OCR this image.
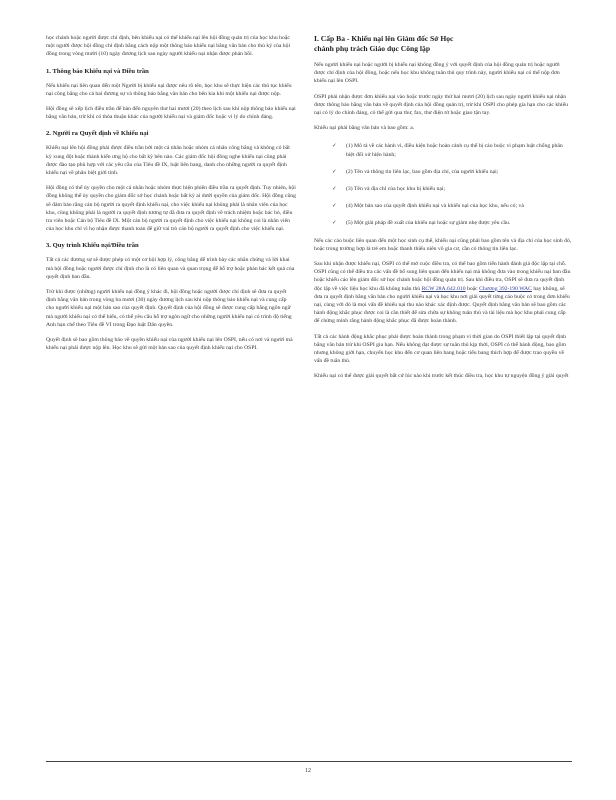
học chánh hoặc người được chỉ định, bên khiếu nại có thể khiếu nại lên hội đồng quản trị của học khu hoặc một người được hội đồng chỉ định bằng cách nộp một thông báo khiếu nại bằng văn bản cho thủ ký của hội đồng trong vòng mười (10) ngày đương lịch sau ngày người khiếu nại nhận được phán hồi.

1. Thông báo Khiếu nại và Điều trần

Nếu khiếu nại liên quan đến một Người bị khiếu nại được nêu rõ tên, học khu sẽ thực hiện các thủ tục khiếu nại công bằng cho cả hai đương sự và thông báo bằng văn bản cho bên kia khi một khiếu nại được nộp.

Hội đồng sẽ xếp lịch điều trần để bàn đến nguyên thư hai mươi (20) theo lịch sau khi nộp thông báo khiếu nại bằng văn bản, trừ khi có thỏa thuận khác của người khiếu nại và giám đốc hoặc vì lý do chính đáng.

2. Người ra Quyết định về Khiếu nại

Khiếu nại lên hội đồng phải được điều trần bởi một cá nhân hoặc nhóm cá nhân công bằng và không có bất kỳ xung đột hoặc thành kiến ưng hộ cho bất kỳ bên nào. Các giám đốc hội đồng nghe khiếu nại cũng phải được đào tạo phù hợp với các yêu cầu của Tiêu đề IX, luật liên bang, danh cho những người ra quyết định khiếu nại về phân biệt giới tính.

Hội đồng có thể ủy quyền cho một cá nhân hoặc nhóm thực hiện phiên điều trần ra quyết định. Tuy nhiên, hội đồng không thể ủy quyền cho giám đốc sở học chánh hoặc bất kỳ ai dưới quyền của giám đốc. Hội đồng cũng sẽ đảm bảo rằng cán bộ người ra quyết định khiếu nại, cho việc khiếu nại không phải là nhân viên của học khu, cũng không phải là người ra quyết định tương tự đã đưa ra quyết định về trách nhiệm hoặc bác bỏ, điều tra viên hoặc Cán bộ Tiêu đề IX. Một cán bộ người ra quyết định cho việc khiếu nại không coi là nhân viên của học khu chỉ vì họ nhận được thanh toán để giữ vai trò cán bộ người ra quyết định cho việc khiếu nại.

3. Quy trình Khiếu nại/Điều trần

Tất cả các đương sự sẽ được phép có một cơ hội hợp lý, công bằng để trình bày các nhân chứng và lời khai mà hội đồng hoặc người được chỉ định cho là có liên quan và quan trọng để hỗ trợ hoặc phản bác kết quả của quyết định ban đầu.

Trừ khi được (những) người khiếu nại đồng ý khác đi, hội đồng hoặc người được chỉ định sẽ đưa ra quyết định bằng văn bản trong vòng ba mươi (30) ngày đương lịch sau khi nộp thông báo khiếu nại và cung cấp cho người khiếu nại một bản sao của quyết định. Quyết định của hội đồng sẽ được cung cấp bằng ngôn ngữ mà người khiếu nại có thể hiểu, có thể yêu cầu hỗ trợ ngôn ngữ cho những người khiếu nại có trình độ tiếng Anh hạn chế theo Tiêu đề VI trong Đạo luật Dân quyền.

Quyết định sẽ bao gồm thông báo về quyền khiếu nại của người khiếu nại lên OSPI, nếu có nơi và người mà khiếu nại phải được nộp lên. Học khu sẽ gửi một bản sao của quyết định khiếu nại cho OSPI.

I. Cấp Ba - Khiếu nại lên Giám đốc Sở Học
chánh phụ trách Giáo dục Công lập

Nếu người khiếu nại hoặc người bị khiếu nại không đồng ý với quyết định của hội đồng quản trị hoặc người được chỉ định của hội đồng, hoặc nếu học khu không tuân thủ quy trình này, người khiếu nại có thể nộp đơn khiếu nại lên OSPI.

OSPI phải nhận được đơn khiếu nại vào hoặc trước ngày thứ hai mươi (20) lịch sau ngày người khiếu nại nhận được thông báo bằng văn bản về quyết định của hội đồng quản trị, trừ khi OSPI cho phép gia hạn cho các khiếu nại có lý do chính đáng, có thể gửi qua thư, fax, thư điện tử hoặc giao tận tay.

Khiếu nại phải bằng văn bản và bao gồm: a.

✓ (1) Mô tả về các hành vi, điều kiện hoặc hoàn cảnh cụ thể bị cáo buộc vi phạm luật chống phân biệt đối xử hiện hành;
✓ (2) Tên và thông tin liên lạc, bao gồm địa chỉ, của người khiếu nại;
✓ (3) Tên và địa chỉ của học khu bị khiếu nại;
✓ (4) Một bản sao của quyết định khiếu nại và khiếu nại của học khu, nếu có; và
✓ (5) Một giải pháp đề xuất của khiếu nại hoặc sự giảm nhẹ được yêu cầu.

Nếu các cáo buộc liên quan đến một học sinh cụ thể, khiếu nại cũng phải bao gồm tên và địa chỉ của học sinh đó, hoặc trong trường hợp là trẻ em hoặc thanh thiếu niên vô gia cư, cần có thông tin liên lạc.

Sau khi nhận được khiếu nại, OSPI có thể mở cuộc điều tra, có thể bao gồm tiến hành đánh giá độc lập tại chỗ. OSPI cũng có thể điều tra các vấn đề bổ sung liên quan đến khiếu nại mà không đưa vào trong khiếu nại ban đầu hoặc khiếu cáo lên giám đốc sở học chánh hoặc hội đồng quản trị. Sau khi điều tra, OSPI sẽ đưa ra quyết định độc lập về việc liệu học khu đã không tuân thủ RCW 28A.642.010 hoặc Chương 392-190 WAC hay không, sẽ đưa ra quyết định bằng văn bản cho người khiếu nại và học khu nơi giải quyết từng cáo buộc có trong đơn khiếu nại, cùng với đó là mọi vấn đề khiếu nại thu nào khác xác định được. Quyết định bằng văn bản sẽ bao gồm các hành động khắc phục được coi là cần thiết để sửa chữa sự không tuân thủ và tài liệu mà học khu phải cung cấp để chứng minh rằng hành động khắc phục đã được hoàn thành.

Tất cả các hành động khắc phục phải được hoàn thành trong phạm vi thời gian do OSPI thiết lập tại quyết định bằng văn bản trừ khi OSPI gia hạn. Nếu không đạt được sự tuân thủ kịp thời, OSPI có thể hành động, bao gồm nhưng không giới hạn, chuyển học khu đến cơ quan liên bang hoặc tiểu bang thích hợp để được trao quyền về vấn đề tuân thủ.

Khiếu nại có thể được giải quyết bất cứ lúc nào khi trước kết thúc điều tra, học khu tự nguyện đồng ý giải quyết

12
